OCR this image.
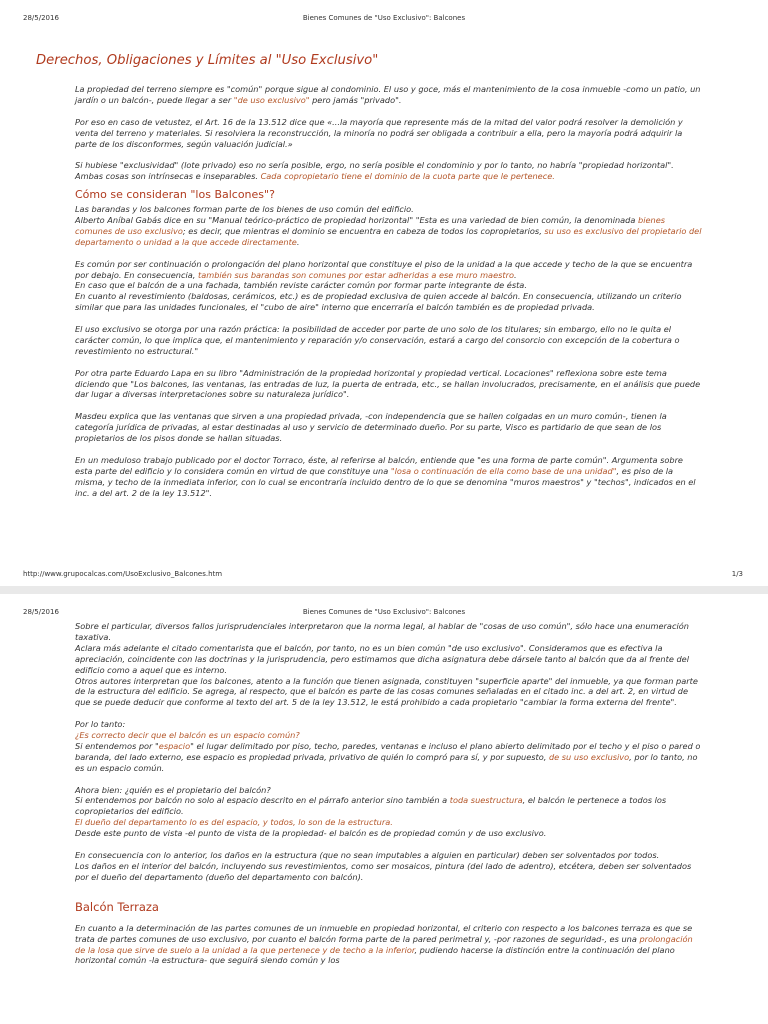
28/5/2016	Bienes Comunes de "Uso Exclusivo": Balcones
Derechos, Obligaciones y Límites al "Uso Exclusivo"

La propiedad del terreno siempre es "común" porque sigue al condominio. El uso y goce, más el mantenimiento de la cosa inmueble -como un patio, un jardín o un balcón-, puede llegar a ser "de uso exclusivo" pero jamás "privado".

Por eso en caso de vetustez, el Art. 16 de la 13.512 dice que «...la mayoría que represente más de la mitad del valor podrá resolver la demolición y venta del terreno y materiales. Si resolviera la reconstrucción, la minoría no podrá ser obligada a contribuir a ella, pero la mayoría podrá adquirir la parte de los disconformes, según valuación judicial.»

Si hubiese "exclusividad" (lote privado) eso no sería posible, ergo, no sería posible el condominio y por lo tanto, no habría "propiedad horizontal". Ambas cosas son intrínsecas e inseparables. Cada copropietario tiene el dominio de la cuota parte que le pertenece.

Cómo se consideran "los Balcones"?

Las barandas y los balcones forman parte de los bienes de uso común del edificio.

Alberto Aníbal Gabás dice en su "Manual teórico-práctico de propiedad horizontal" "Esta es una variedad de bien común, la denominada bienes comunes de uso exclusivo; es decir, que mientras el dominio se encuentra en cabeza de todos los copropietarios, su uso es exclusivo del propietario del departamento o unidad a la que accede directamente.

Es común por ser continuación o prolongación del plano horizontal que constituye el piso de la unidad a la que accede y techo de la que se encuentra por debajo. En consecuencia, también sus barandas son comunes por estar adheridas a ese muro maestro.

En caso que el balcón de a una fachada, también reviste carácter común por formar parte integrante de ésta.

En cuanto al revestimiento (baldosas, cerámicos, etc.) es de propiedad exclusiva de quien accede al balcón. En consecuencia, utilizando un criterio similar que para las unidades funcionales, el "cubo de aire" interno que encerraría el balcón también es de propiedad privada.

El uso exclusivo se otorga por una razón práctica: la posibilidad de acceder por parte de uno solo de los titulares; sin embargo, ello no le quita el carácter común, lo que implica que, el mantenimiento y reparación y/o conservación, estará a cargo del consorcio con excepción de la cobertura o revestimiento no estructural."

Por otra parte Eduardo Lapa en su libro "Administración de la propiedad horizontal y propiedad vertical. Locaciones" reflexiona sobre este tema diciendo que "Los balcones, las ventanas, las entradas de luz, la puerta de entrada, etc., se hallan involucrados, precisamente, en el análisis que puede dar lugar a diversas interpretaciones sobre su naturaleza jurídico".

Masdeu explica que las ventanas que sirven a una propiedad privada, -con independencia que se hallen colgadas en un muro común-, tienen la categoría jurídica de privadas, al estar destinadas al uso y servicio de determinado dueño. Por su parte, Visco es partidario de que sean de los propietarios de los pisos donde se hallan situadas.

En un meduloso trabajo publicado por el doctor Torraco, éste, al referirse al balcón, entiende que "es una forma de parte común". Argumenta sobre esta parte del edificio y lo considera común en virtud de que constituye una "losa o continuación de ella como base de una unidad", es piso de la misma, y techo de la inmediata inferior, con lo cual se encontraría incluido dentro de lo que se denomina "muros maestros" y "techos", indicados en el inc. a del art. 2 de la ley 13.512".

http://www.grupocalcas.com/UsoExclusivo_Balcones.htm	1/3
28/5/2016	Bienes Comunes de "Uso Exclusivo": Balcones

Sobre el particular, diversos fallos jurisprudenciales interpretaron que la norma legal, al hablar de "cosas de uso común", sólo hace una enumeración taxativa.

Aclara más adelante el citado comentarista que el balcón, por tanto, no es un bien común "de uso exclusivo". Consideramos que es efectiva la apreciación, coincidente con las doctrinas y la jurisprudencia, pero estimamos que dicha asignatura debe dársele tanto al balcón que da al frente del edificio como a aquel que es interno.

Otros autores interpretan que los balcones, atento a la función que tienen asignada, constituyen "superficie aparte" del inmueble, ya que forman parte de la estructura del edificio. Se agrega, al respecto, que el balcón es parte de las cosas comunes señaladas en el citado inc. a del art. 2, en virtud de que se puede deducir que conforme al texto del art. 5 de la ley 13.512, le está prohibido a cada propietario "cambiar la forma externa del frente".

Por lo tanto:

¿Es correcto decir que el balcón es un espacio común?

Si entendemos por "espacio" el lugar delimitado por piso, techo, paredes, ventanas e incluso el plano abierto delimitado por el techo y el piso o pared o baranda, del lado externo, ese espacio es propiedad privada, privativo de quién lo compró para sí, y por supuesto, de su uso exclusivo, por lo tanto, no es un espacio común.

Ahora bien: ¿quién es el propietario del balcón?

Si entendemos por balcón no solo al espacio descrito en el párrafo anterior sino también a toda suestructura, el balcón le pertenece a todos los copropietarios del edificio.

El dueño del departamento lo es del espacio, y todos, lo son de la estructura.

Desde este punto de vista -el punto de vista de la propiedad- el balcón es de propiedad común y de uso exclusivo.

En consecuencia con lo anterior, los daños en la estructura (que no sean imputables a alguien en particular) deben ser solventados por todos.

Los daños en el interior del balcón, incluyendo sus revestimientos, como ser mosaicos, pintura (del lado de adentro), etcétera, deben ser solventados por el dueño del departamento (dueño del departamento con balcón).

Balcón Terraza

En cuanto a la determinación de las partes comunes de un inmueble en propiedad horizontal, el criterio con respecto a los balcones terraza es que se trata de partes comunes de uso exclusivo, por cuanto el balcón forma parte de la pared perimetral y, -por razones de seguridad-, es una prolongación de la losa que sirve de suelo a la unidad a la que pertenece y de techo a la inferior, pudiendo hacerse la distinción entre la continuación del plano horizontal común -la estructura- que seguirá siendo común y los
